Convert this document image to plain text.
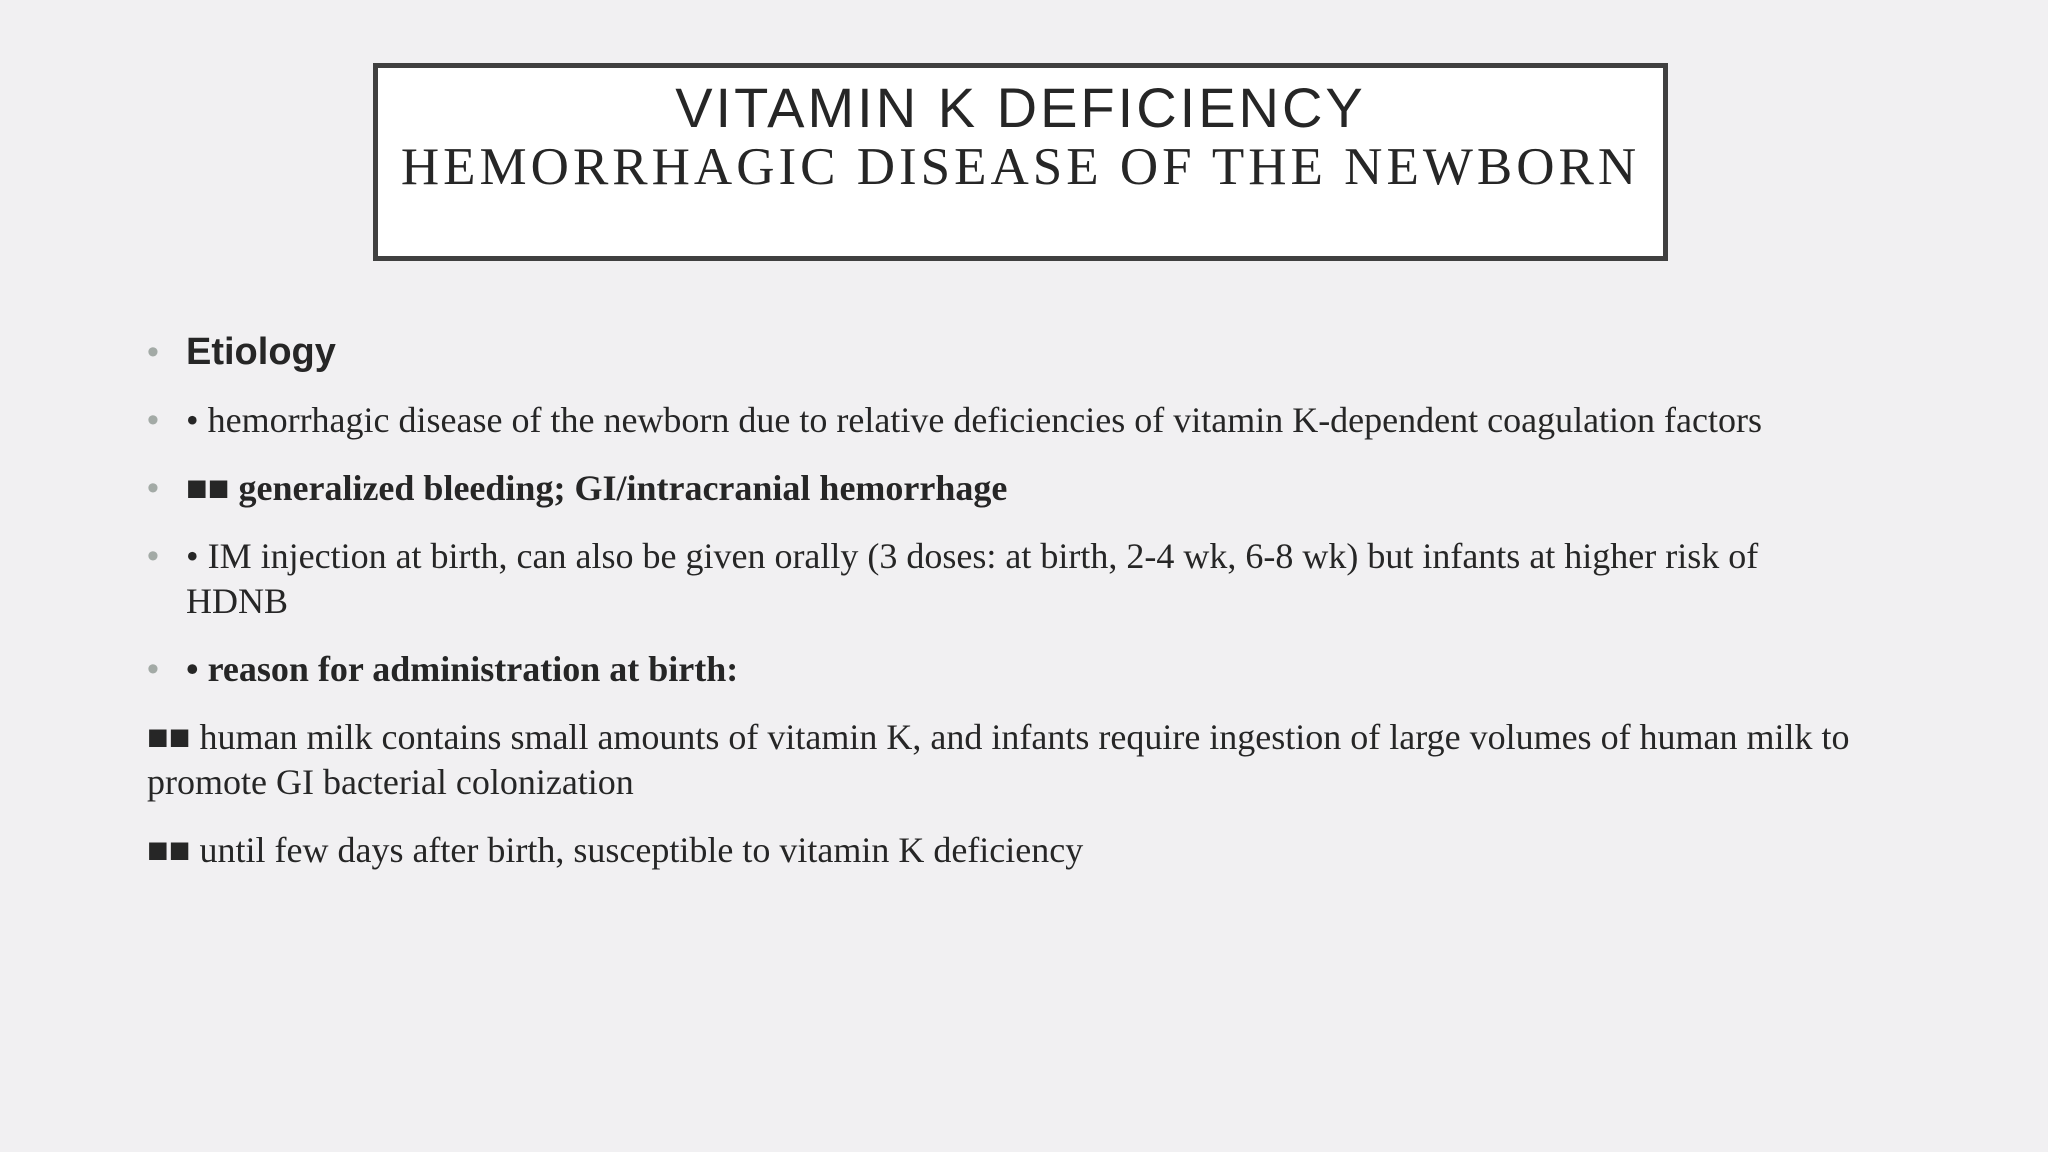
VITAMIN K DEFICIENCY
HEMORRHAGIC DISEASE OF THE NEWBORN
• Etiology
• • hemorrhagic disease of the newborn due to relative deficiencies of vitamin K-dependent coagulation factors
• ■■ generalized bleeding; GI/intracranial hemorrhage
• • IM injection at birth, can also be given orally (3 doses: at birth, 2-4 wk, 6-8 wk) but infants at higher risk of HDNB
• • reason for administration at birth:
■■ human milk contains small amounts of vitamin K, and infants require ingestion of large volumes of human milk to promote GI bacterial colonization
■■ until few days after birth, susceptible to vitamin K deficiency
